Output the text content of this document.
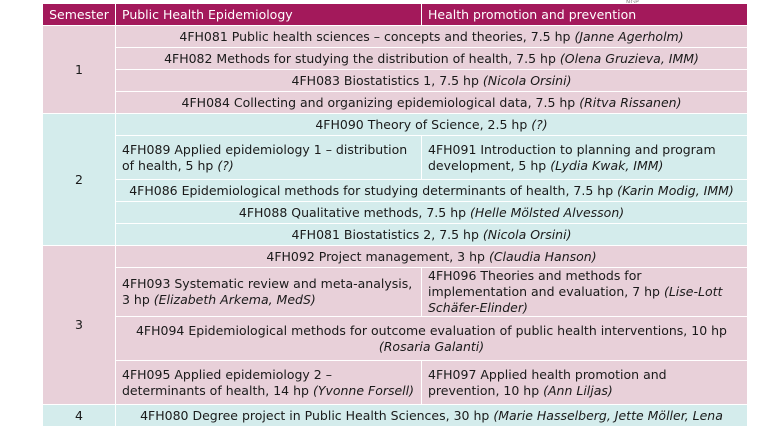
Semester	Public Health Epidemiology	Health promotion and prevention
1	4FH081 Public health sciences – concepts and theories, 7.5 hp (Janne Agerholm)	
	4FH082 Methods for studying the distribution of health, 7.5 hp (Olena Gruzieva, IMM)	
	4FH083 Biostatistics 1, 7.5 hp (Nicola Orsini)	
	4FH084 Collecting and organizing epidemiological data, 7.5 hp (Ritva Rissanen)	
2	4FH090 Theory of Science, 2.5 hp (?)	
	4FH089 Applied epidemiology 1 – distribution of health, 5 hp (?)	4FH091 Introduction to planning and program development, 5 hp (Lydia Kwak, IMM)
	4FH086 Epidemiological methods for studying determinants of health, 7.5 hp (Karin Modig, IMM)	
	4FH088 Qualitative methods, 7.5 hp (Helle Mölsted Alvesson)	
	4FH081 Biostatistics 2, 7.5 hp (Nicola Orsini)	
3	4FH092 Project management, 3 hp (Claudia Hanson)	
	4FH093 Systematic review and meta-analysis, 3 hp (Elizabeth Arkema, MedS)	4FH096 Theories and methods for implementation and evaluation, 7 hp (Lise-Lott Schäfer-Elinder)
	4FH094 Epidemiological methods for outcome evaluation of public health interventions, 10 hp
(Rosaria Galanti)	
	4FH095 Applied epidemiology 2 – determinants of health, 14 hp (Yvonne Forsell)	4FH097 Applied health promotion and prevention, 10 hp (Ann Liljas)
4	4FH080 Degree project in Public Health Sciences, 30 hp (Marie Hasselberg, Jette Möller, Lena	
